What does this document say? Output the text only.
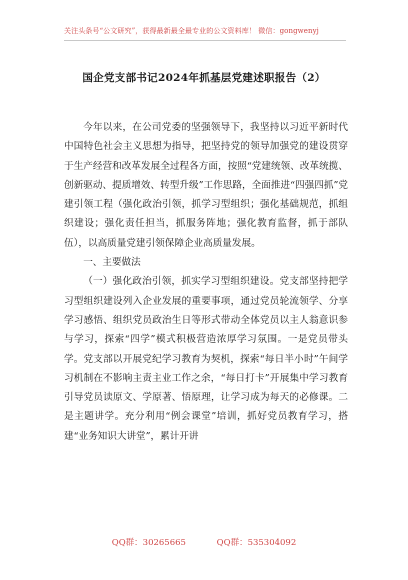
关注头条号“公文研究”，获得最新最全最专业的公文资料库！ 微信：gongwenyj
国企党支部书记2024年抓基层党建述职报告（2）

今年以来，在公司党委的坚强领导下，我坚持以习近平新时代中国特色社会主义思想为指导，把坚持党的领导加强党的建设贯穿于生产经营和改革发展全过程各方面，按照“党建统领、改革统揽、创新驱动、提质增效、转型升级”工作思路，全面推进“四强四抓”党建引领工程（强化政治引领，抓学习型组织；强化基础规范，抓组织建设；强化责任担当，抓服务阵地；强化教育监督，抓于部队伍），以高质量党建引领保障企业高质量发展。

一、主要做法

（一）强化政治引领，抓实学习型组织建设。党支部坚持把学习型组织建设列入企业发展的重要事项，通过党员轮流领学、分享学习感悟、组织党员政治生日等形式带动全体党员以主人翁意识参与学习，探索“四学”模式积极营造浓厚学习氛围。一是党员带头学。党支部以开展党纪学习教育为契机，探索“每日半小时”午间学习机制在不影响主责主业工作之余，“每日打卡”开展集中学习教育引导党员读原文、学原著、悟原理，让学习成为每天的必修课。二是主题讲学。充分利用“例会课堂”培训，抓好党员教育学习，搭建“业务知识大讲堂”，累计开讲

QQ群：30265665	QQ群：535304092
